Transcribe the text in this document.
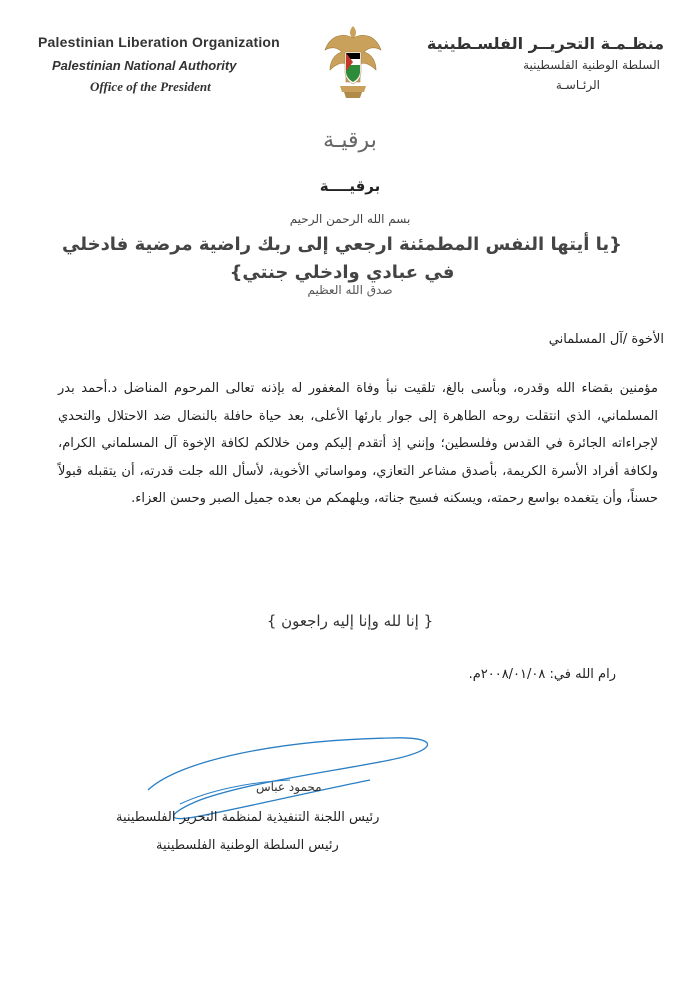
Palestinian Liberation Organization
Palestinian National Authority
Office of the President
منظـمـة التحريــر الفلسـطينية
السلطة الوطنية الفلسطينية
الرئـاسـة
برقيـة
برقيــــة
بسم الله الرحمن الرحيم
{يا أيتها النفس المطمئنة ارجعي إلى ربك راضية مرضية فادخلي في عبادي وادخلي جنتي}
صدق الله العظيم
الأخوة /آل المسلماني
مؤمنين بقضاء الله وقدره، وبأسى بالغ، تلقيت نبأ وفاة المغفور له بإذنه تعالى المرحوم المناضل د.أحمد بدر المسلماني، الذي انتقلت روحه الطاهرة إلى جوار بارئها الأعلى، بعد حياة حافلة بالنضال ضد الاحتلال والتحدي لإجراءاته الجائرة في القدس وفلسطين؛ وإنني إذ أتقدم إليكم ومن خلالكم لكافة الإخوة آل المسلماني الكرام، ولكافة أفراد الأسرة الكريمة، بأصدق مشاعر التعازي، ومواساتي الأخوية، لأسأل الله جلت قدرته، أن يتقبله قبولاً حسناً، وأن يتغمده بواسع رحمته، ويسكنه فسيح جناته، ويلهمكم من بعده جميل الصبر وحسن العزاء.
{ إنا لله وإنا إليه راجعون }
رام الله في: ٢٠٠٨/٠١/٠٨م.
محمود عباس
رئيس اللجنة التنفيذية لمنظمة التحرير الفلسطينية
رئيس السلطة الوطنية الفلسطينية
